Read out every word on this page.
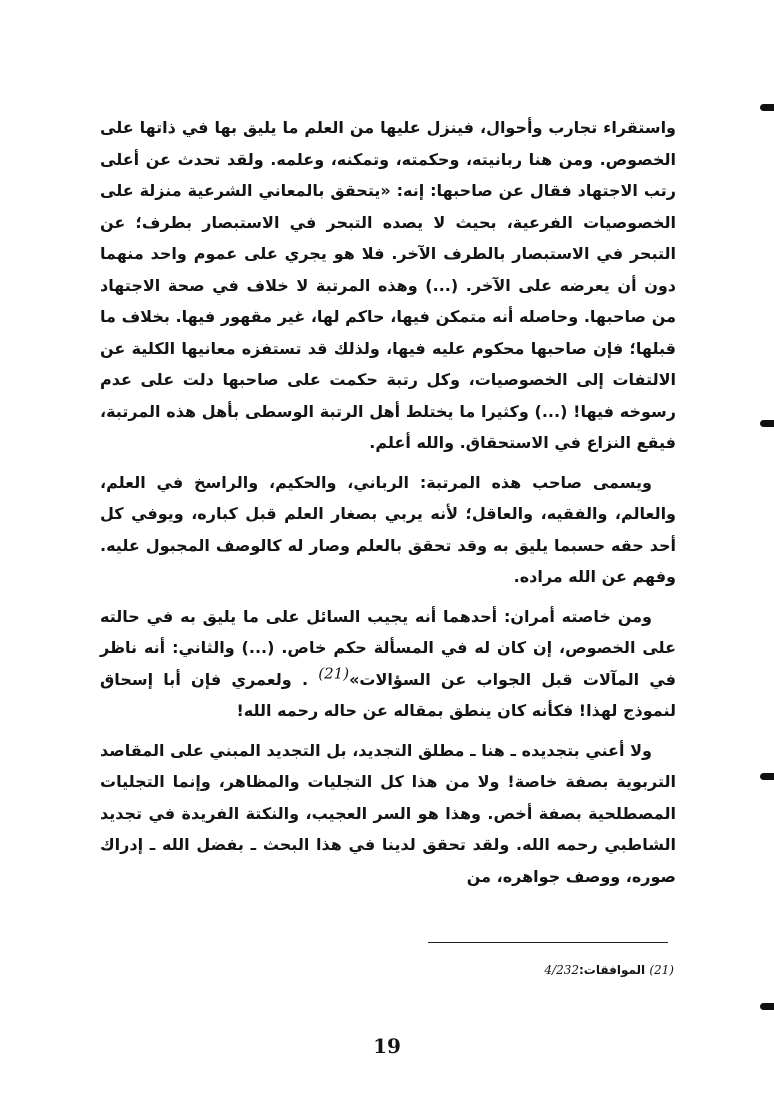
واستقراء تجارب وأحوال، فينزل عليها من العلم ما يليق بها في ذاتها على الخصوص. ومن هنا ربانيته، وحكمته، وتمكنه، وعلمه. ولقد تحدث عن أعلى رتب الاجتهاد فقال عن صاحبها: إنه: «يتحقق بالمعاني الشرعية منزلة على الخصوصيات الفرعية، بحيث لا يصده التبحر في الاستبصار بطرف؛ عن التبحر في الاستبصار بالطرف الآخر. فلا هو يجري على عموم واحد منهما دون أن يعرضه على الآخر. (...) وهذه المرتبة لا خلاف في صحة الاجتهاد من صاحبها. وحاصله أنه متمكن فيها، حاكم لها، غير مقهور فيها. بخلاف ما قبلها؛ فإن صاحبها محكوم عليه فيها، ولذلك قد تستفزه معانيها الكلية عن الالتفات إلى الخصوصيات، وكل رتبة حكمت على صاحبها دلت على عدم رسوخه فيها! (...) وكثيرا ما يختلط أهل الرتبة الوسطى بأهل هذه المرتبة، فيقع النزاع في الاستحقاق. والله أعلم.

ويسمى صاحب هذه المرتبة: الرباني، والحكيم، والراسخ في العلم، والعالم، والفقيه، والعاقل؛ لأنه يربي بصغار العلم قبل كباره، ويوفي كل أحد حقه حسبما يليق به وقد تحقق بالعلم وصار له كالوصف المجبول عليه. وفهم عن الله مراده.

ومن خاصته أمران: أحدهما أنه يجيب السائل على ما يليق به في حالته على الخصوص، إن كان له في المسألة حكم خاص. (...) والثاني: أنه ناظر في المآلات قبل الجواب عن السؤالات»(21) . ولعمري فإن أبا إسحاق لنموذج لهذا! فكأنه كان ينطق بمقاله عن حاله رحمه الله!

ولا أعني بتجديده ـ هنا ـ مطلق التجديد، بل التجديد المبني على المقاصد التربوية بصفة خاصة! ولا من هذا كل التجليات والمظاهر، وإنما التجليات المصطلحية بصفة أخص. وهذا هو السر العجيب، والنكتة الفريدة في تجديد الشاطبي رحمه الله. ولقد تحقق لدينا في هذا البحث ـ بفضل الله ـ إدراك صوره، ووصف جواهره، من

(21) الموافقات:4/232
19
